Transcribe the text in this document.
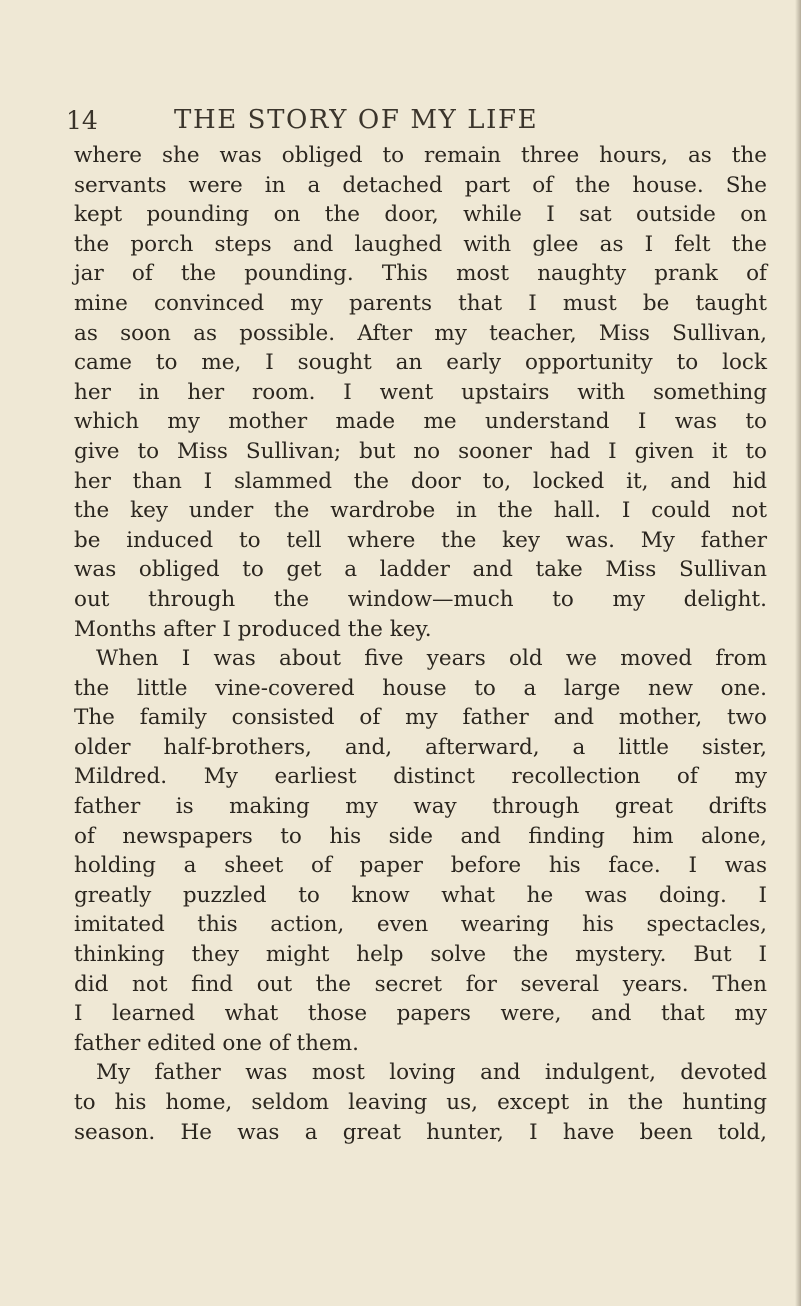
14	THE STORY OF MY LIFE
where she was obliged to remain three hours, as the
servants were in a detached part of the house. She
kept pounding on the door, while I sat outside on
the porch steps and laughed with glee as I felt the
jar of the pounding. This most naughty prank of
mine convinced my parents that I must be taught
as soon as possible. After my teacher, Miss Sullivan,
came to me, I sought an early opportunity to lock
her in her room. I went upstairs with something
which my mother made me understand I was to
give to Miss Sullivan; but no sooner had I given it to
her than I slammed the door to, locked it, and hid
the key under the wardrobe in the hall. I could not
be induced to tell where the key was. My father
was obliged to get a ladder and take Miss Sullivan
out through the window—much to my delight.
Months after I produced the key.
When I was about five years old we moved from
the little vine-covered house to a large new one.
The family consisted of my father and mother, two
older half-brothers, and, afterward, a little sister,
Mildred. My earliest distinct recollection of my
father is making my way through great drifts
of newspapers to his side and finding him alone,
holding a sheet of paper before his face. I was
greatly puzzled to know what he was doing. I
imitated this action, even wearing his spectacles,
thinking they might help solve the mystery. But I
did not find out the secret for several years. Then
I learned what those papers were, and that my
father edited one of them.
My father was most loving and indulgent, devoted
to his home, seldom leaving us, except in the hunting
season. He was a great hunter, I have been told,
